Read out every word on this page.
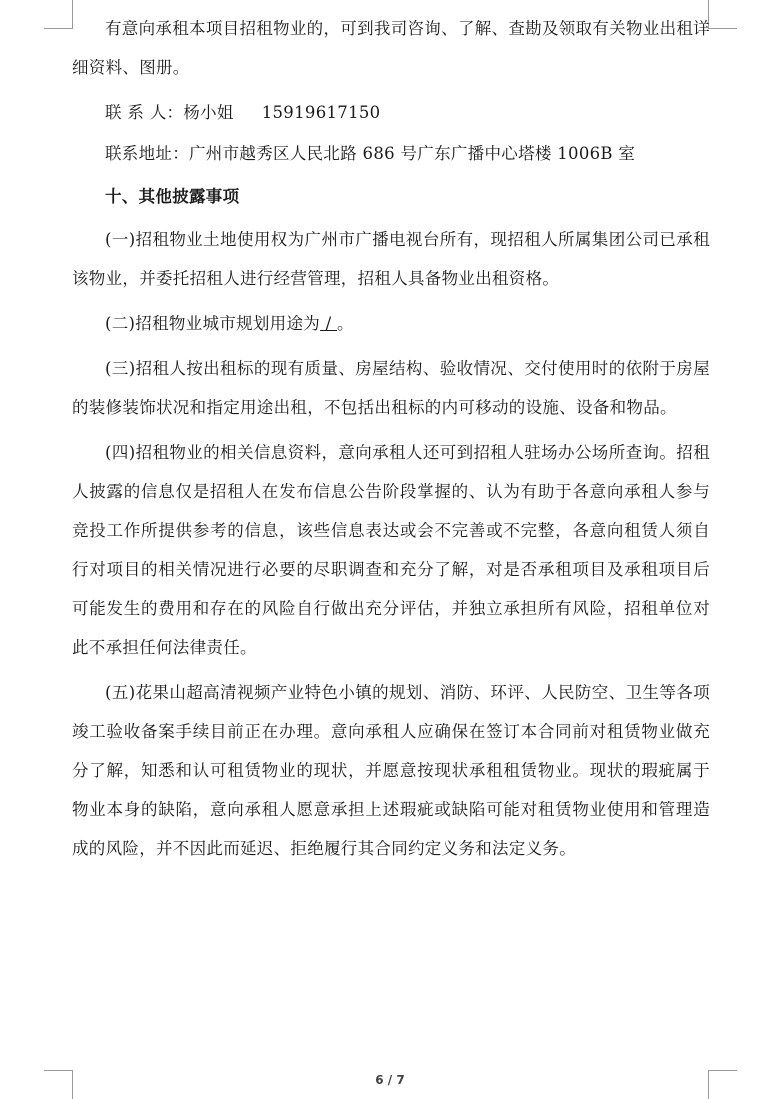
有意向承租本项目招租物业的，可到我司咨询、了解、查勘及领取有关物业出租详细资料、图册。

联 系 人：杨小姐 15919617150
联系地址：广州市越秀区人民北路 686 号广东广播中心塔楼 1006B 室
十、其他披露事项

(一)招租物业土地使用权为广州市广播电视台所有，现招租人所属集团公司已承租该物业，并委托招租人进行经营管理，招租人具备物业出租资格。

(二)招租物业城市规划用途为 / 。

(三)招租人按出租标的现有质量、房屋结构、验收情况、交付使用时的依附于房屋的装修装饰状况和指定用途出租，不包括出租标的内可移动的设施、设备和物品。

(四)招租物业的相关信息资料，意向承租人还可到招租人驻场办公场所查询。招租人披露的信息仅是招租人在发布信息公告阶段掌握的、认为有助于各意向承租人参与竞投工作所提供参考的信息，该些信息表达或会不完善或不完整，各意向租赁人须自行对项目的相关情况进行必要的尽职调查和充分了解，对是否承租项目及承租项目后可能发生的费用和存在的风险自行做出充分评估，并独立承担所有风险，招租单位对此不承担任何法律责任。

(五)花果山超高清视频产业特色小镇的规划、消防、环评、人民防空、卫生等各项竣工验收备案手续目前正在办理。意向承租人应确保在签订本合同前对租赁物业做充分了解，知悉和认可租赁物业的现状，并愿意按现状承租租赁物业。现状的瑕疵属于物业本身的缺陷，意向承租人愿意承担上述瑕疵或缺陷可能对租赁物业使用和管理造成的风险，并不因此而延迟、拒绝履行其合同约定义务和法定义务。

6 / 7
